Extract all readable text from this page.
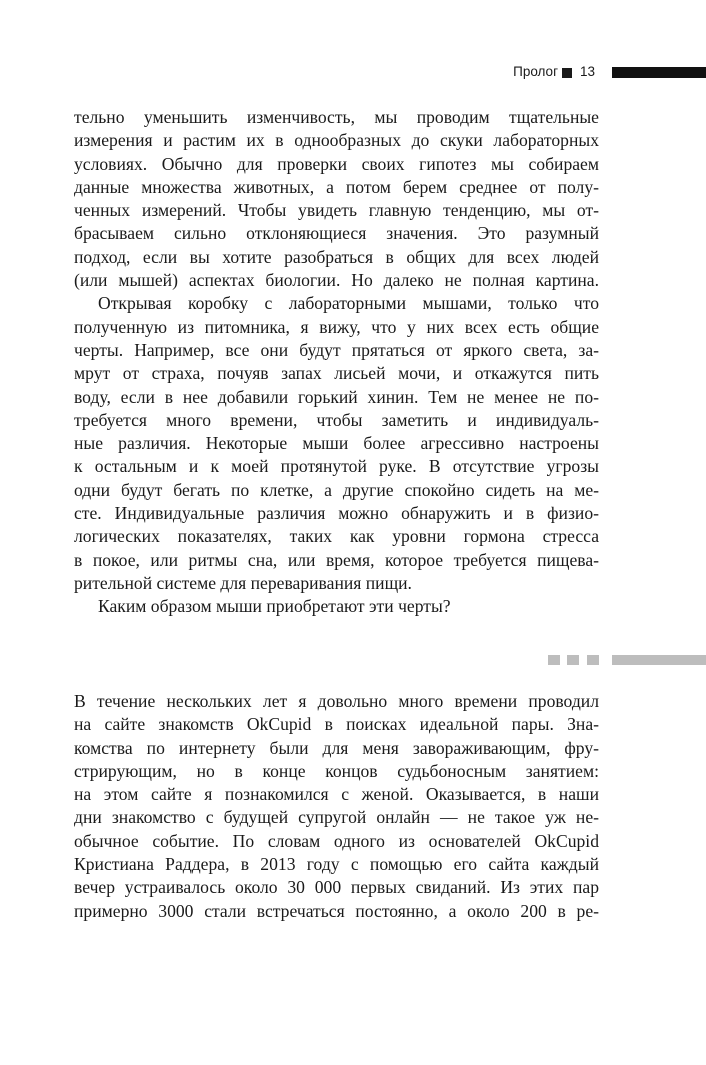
Пролог 13
тельно уменьшить изменчивость, мы проводим тщательные
измерения и растим их в однообразных до скуки лабораторных
условиях. Обычно для проверки своих гипотез мы собираем
данные множества животных, а потом берем среднее от полу-
ченных измерений. Чтобы увидеть главную тенденцию, мы от-
брасываем сильно отклоняющиеся значения. Это разумный
подход, если вы хотите разобраться в общих для всех людей
(или мышей) аспектах биологии. Но далеко не полная картина.
Открывая коробку с лабораторными мышами, только что
полученную из питомника, я вижу, что у них всех есть общие
черты. Например, все они будут прятаться от яркого света, за-
мрут от страха, почуяв запах лисьей мочи, и откажутся пить
воду, если в нее добавили горький хинин. Тем не менее не по-
требуется много времени, чтобы заметить и индивидуаль-
ные различия. Некоторые мыши более агрессивно настроены
к остальным и к моей протянутой руке. В отсутствие угрозы
одни будут бегать по клетке, а другие спокойно сидеть на ме-
сте. Индивидуальные различия можно обнаружить и в физио-
логических показателях, таких как уровни гормона стресса
в покое, или ритмы сна, или время, которое требуется пищева-
рительной системе для переваривания пищи.
Каким образом мыши приобретают эти черты?
В течение нескольких лет я довольно много времени проводил
на сайте знакомств OkCupid в поисках идеальной пары. Зна-
комства по интернету были для меня завораживающим, фру-
стрирующим, но в конце концов судьбоносным занятием:
на этом сайте я познакомился с женой. Оказывается, в наши
дни знакомство с будущей супругой онлайн — не такое уж не-
обычное событие. По словам одного из основателей OkCupid
Кристиана Раддера, в 2013 году с помощью его сайта каждый
вечер устраивалось около 30 000 первых свиданий. Из этих пар
примерно 3000 стали встречаться постоянно, а около 200 в ре-
